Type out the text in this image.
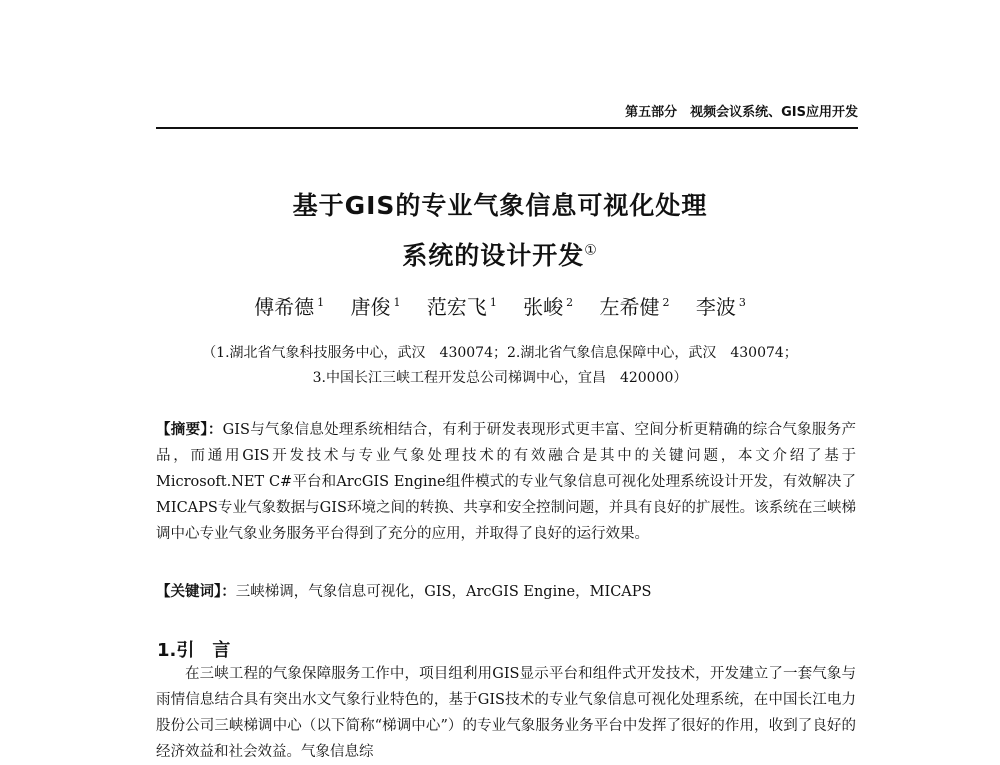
第五部分　视频会议系统、GIS应用开发
基于GIS的专业气象信息可视化处理
系统的设计开发①
傅希德 $^1$ 唐俊 $^1$ 范宏飞 $^1$ 张峻 $^2$ 左希健 $^2$ 李波 $^3$
（1.湖北省气象科技服务中心，武汉　430074；2.湖北省气象信息保障中心，武汉　430074；
3.中国长江三峡工程开发总公司梯调中心，宜昌　420000）
【摘要】：GIS与气象信息处理系统相结合，有利于研发表现形式更丰富、空间分析更精确的综合气象服务产品，而通用GIS开发技术与专业气象处理技术的有效融合是其中的关键问题，本文介绍了基于Microsoft.NET C#平台和ArcGIS Engine组件模式的专业气象信息可视化处理系统设计开发，有效解决了MICAPS专业气象数据与GIS环境之间的转换、共享和安全控制问题，并具有良好的扩展性。该系统在三峡梯调中心专业气象业务服务平台得到了充分的应用，并取得了良好的运行效果。
【关键词】：三峡梯调，气象信息可视化，GIS，ArcGIS Engine，MICAPS
1.引　言
在三峡工程的气象保障服务工作中，项目组利用GIS显示平台和组件式开发技术，开发建立了一套气象与雨情信息结合具有突出水文气象行业特色的，基于GIS技术的专业气象信息可视化处理系统，在中国长江电力股份公司三峡梯调中心（以下简称“梯调中心”）的专业气象服务业务平台中发挥了很好的作用，收到了良好的经济效益和社会效益。气象信息综
